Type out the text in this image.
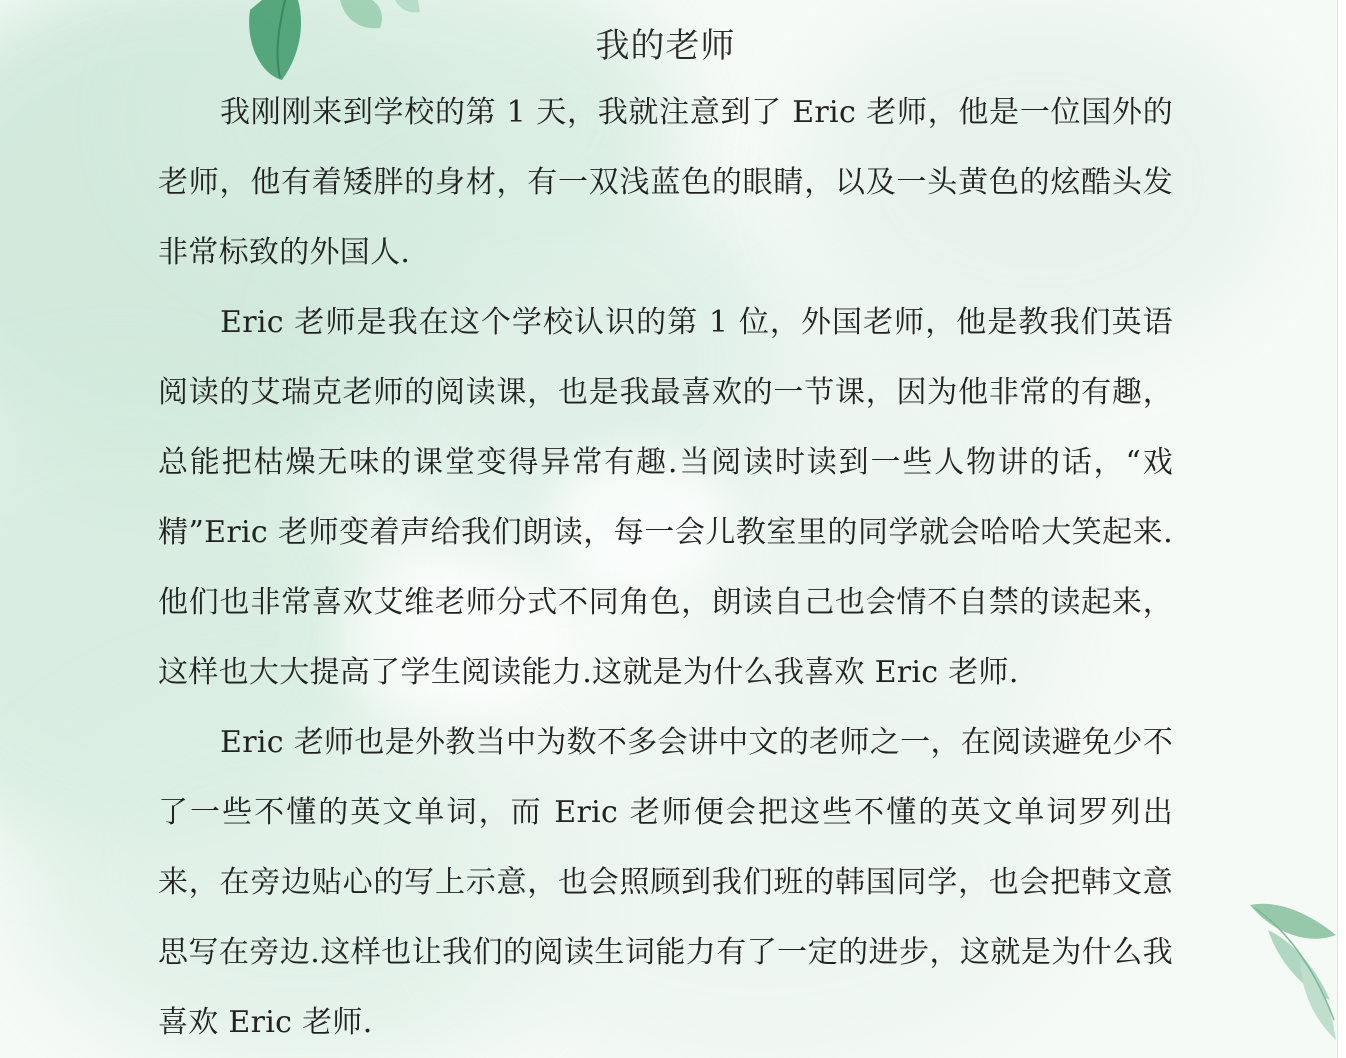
我的老师

我刚刚来到学校的第 1 天，我就注意到了 Eric 老师，他是一位国外的老师，他有着矮胖的身材，有一双浅蓝色的眼睛，以及一头黄色的炫酷头发非常标致的外国人.

Eric 老师是我在这个学校认识的第 1 位，外国老师，他是教我们英语阅读的艾瑞克老师的阅读课，也是我最喜欢的一节课，因为他非常的有趣，总能把枯燥无味的课堂变得异常有趣.当阅读时读到一些人物讲的话，“戏精”Eric 老师变着声给我们朗读，每一会儿教室里的同学就会哈哈大笑起来.他们也非常喜欢艾维老师分式不同角色，朗读自己也会情不自禁的读起来，这样也大大提高了学生阅读能力.这就是为什么我喜欢 Eric 老师.

Eric 老师也是外教当中为数不多会讲中文的老师之一，在阅读避免少不了一些不懂的英文单词，而 Eric 老师便会把这些不懂的英文单词罗列出来，在旁边贴心的写上示意，也会照顾到我们班的韩国同学，也会把韩文意思写在旁边.这样也让我们的阅读生词能力有了一定的进步，这就是为什么我喜欢 Eric 老师.
